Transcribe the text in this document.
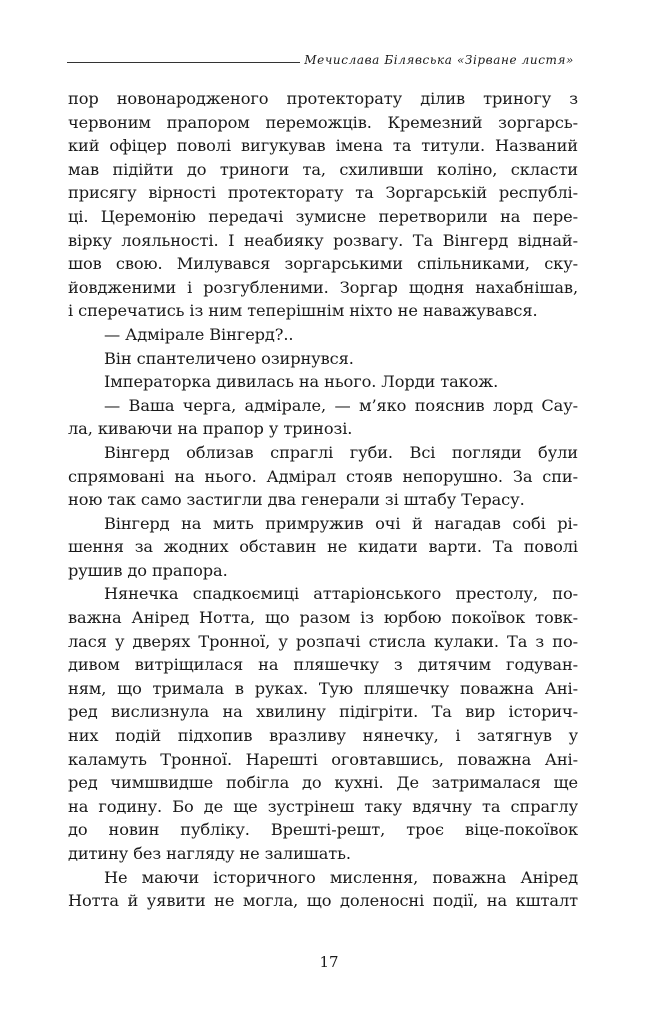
Мечислава Білявська «Зірване листя»
пор новонародженого протекторату ділив триногу з
червоним прапором переможців. Кремезний зоргарсь-
кий офіцер поволі вигукував імена та титули. Названий
мав підійти до триноги та, схиливши коліно, скласти
присягу вірності протекторату та Зоргарській республі-
ці. Церемонію передачі зумисне перетворили на пере-
вірку лояльності. І неабияку розвагу. Та Вінгерд віднай-
шов свою. Милувався зоргарськими спільниками, ску-
йовдженими і розгубленими. Зоргар щодня нахабнішав,
і сперечатись із ним теперішнім ніхто не наважувався.
— Адмірале Вінгерд?..
Він спантеличено озирнувся.
Імператорка дивилась на нього. Лорди також.
— Ваша черга, адмірале, — м’яко пояснив лорд Сау-
ла, киваючи на прапор у тринозі.
Вінгерд облизав спраглі губи. Всі погляди були
спрямовані на нього. Адмірал стояв непорушно. За спи-
ною так само застигли два генерали зі штабу Терасу.
Вінгерд на мить примружив очі й нагадав собі рі-
шення за жодних обставин не кидати варти. Та поволі
рушив до прапора.
Нянечка спадкоємиці аттаріонського престолу, по-
важна Аніред Нотта, що разом із юрбою покоївок товк-
лася у дверях Тронної, у розпачі стисла кулаки. Та з по-
дивом витріщилася на пляшечку з дитячим годуван-
ням, що тримала в руках. Тую пляшечку поважна Ані-
ред виcлизнула на хвилину підігріти. Та вир історич-
них подій підхопив вразливу нянечку, і затягнув у
каламуть Тронної. Нарешті оговтавшись, поважна Ані-
ред чимшвидше побігла до кухні. Де затрималася ще
на годину. Бо де ще зустрінеш таку вдячну та спраглу
до новин публіку. Врешті-решт, троє віце-покоївок
дитину без нагляду не залишать.
Не маючи історичного мислення, поважна Аніред
Нотта й уявити не могла, що доленосні події, на кшталт
17
